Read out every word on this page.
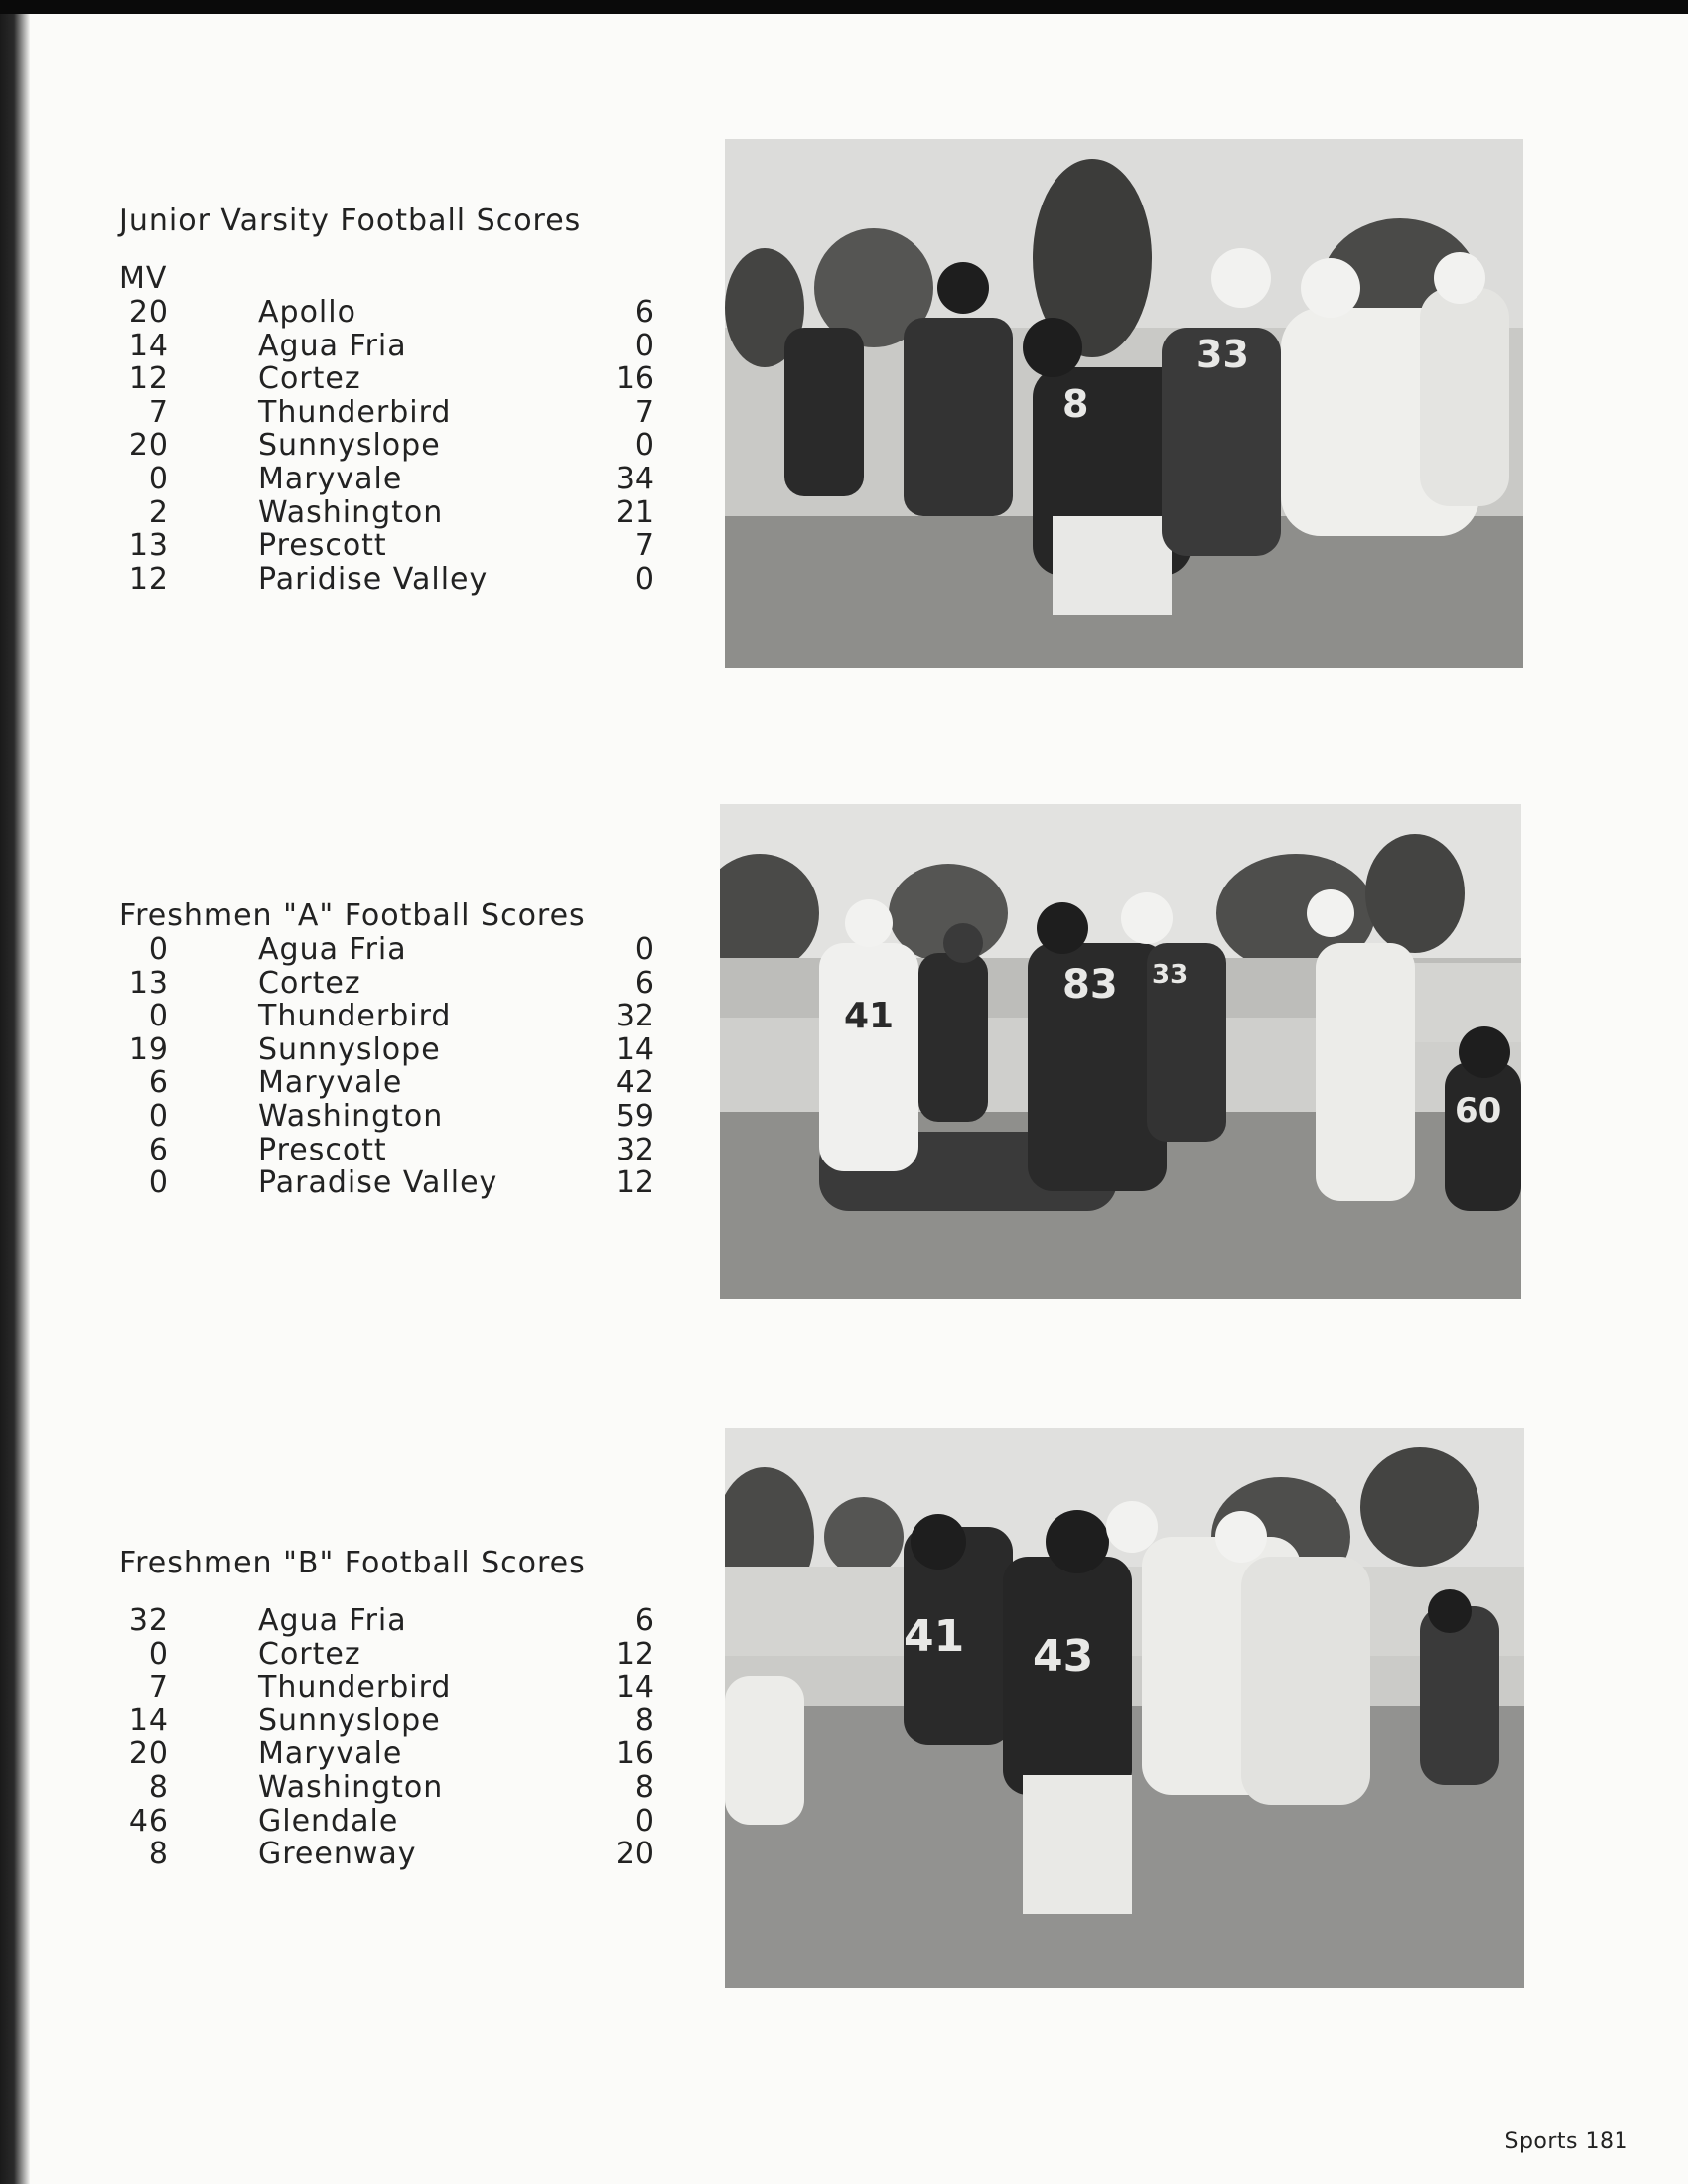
Junior Varsity Football Scores
MV
20	Apollo	6
14	Agua Fria	0
12	Cortez	16
7	Thunderbird	7
20	Sunnyslope	0
0	Maryvale	34
2	Washington	21
13	Prescott	7
12	Paridise Valley	0
Freshmen "A" Football Scores
0	Agua Fria	0
13	Cortez	6
0	Thunderbird	32
19	Sunnyslope	14
6	Maryvale	42
0	Washington	59
6	Prescott	32
0	Paradise Valley	12
Freshmen "B" Football Scores
32	Agua Fria	6
0	Cortez	12
7	Thunderbird	14
14	Sunnyslope	8
20	Maryvale	16
8	Washington	8
46	Glendale	0
8	Greenway	20
8
33
41
83 33
60
41 43
Sports 181
